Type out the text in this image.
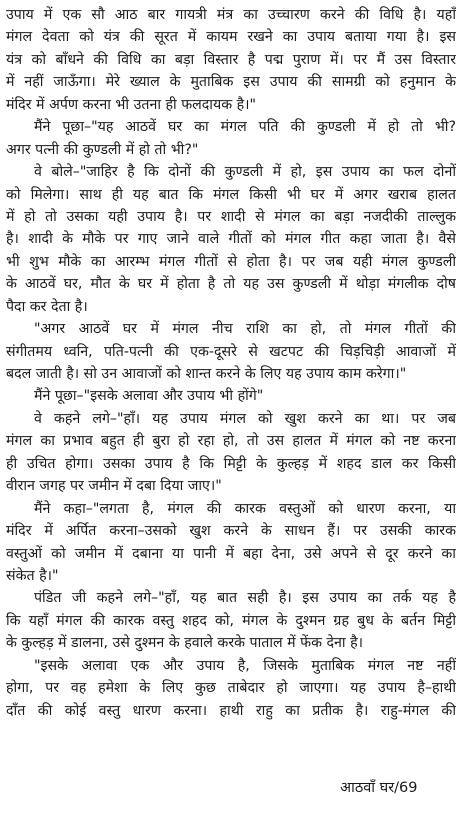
उपाय में एक सौ आठ बार गायत्री मंत्र का उच्चारण करने की विधि है। यहाँ
मंगल देवता को यंत्र की सूरत में कायम रखने का उपाय बताया गया है। इस
यंत्र को बाँधने की विधि का बड़ा विस्तार है पद्म पुराण में। पर मैं उस विस्तार
में नहीं जाऊँगा। मेरे ख्याल के मुताबिक इस उपाय की सामग्री को हनुमान के
मंदिर में अर्पण करना भी उतना ही फलदायक है।"
मैंने पूछा–"यह आठवें घर का मंगल पति की कुण्डली में हो तो भी?
अगर पत्नी की कुण्डली में हो तो भी?"
वे बोले–"जाहिर है कि दोनों की कुण्डली में हो, इस उपाय का फल दोनों
को मिलेगा। साथ ही यह बात कि मंगल किसी भी घर में अगर खराब हालत
में हो तो उसका यही उपाय है। पर शादी से मंगल का बड़ा नजदीकी ताल्लुक
है। शादी के मौके पर गाए जाने वाले गीतों को मंगल गीत कहा जाता है। वैसे
भी शुभ मौके का आरम्भ मंगल गीतों से होता है। पर जब यही मंगल कुण्डली
के आठवें घर, मौत के घर में होता है तो यह उस कुण्डली में थोड़ा मंगलीक दोष
पैदा कर देता है।
"अगर आठवें घर में मंगल नीच राशि का हो, तो मंगल गीतों की
संगीतमय ध्वनि, पति-पत्नी की एक-दूसरे से खटपट की चिड़चिड़ी आवाजों में
बदल जाती है। सो उन आवाजों को शान्त करने के लिए यह उपाय काम करेगा।"
मैंने पूछा–"इसके अलावा और उपाय भी होंगे"
वे कहने लगे–"हाँ। यह उपाय मंगल को खुश करने का था। पर जब
मंगल का प्रभाव बहुत ही बुरा हो रहा हो, तो उस हालत में मंगल को नष्ट करना
ही उचित होगा। उसका उपाय है कि मिट्टी के कुल्हड़ में शहद डाल कर किसी
वीरान जगह पर जमीन में दबा दिया जाए।"
मैंने कहा–"लगता है, मंगल की कारक वस्तुओं को धारण करना, या
मंदिर में अर्पित करना–उसको खुश करने के साधन हैं। पर उसकी कारक
वस्तुओं को जमीन में दबाना या पानी में बहा देना, उसे अपने से दूर करने का
संकेत है।"
पंडित जी कहने लगे–"हाँ, यह बात सही है। इस उपाय का तर्क यह है
कि यहाँ मंगल की कारक वस्तु शहद को, मंगल के दुश्मन ग्रह बुध के बर्तन मिट्टी
के कुल्हड़ में डालना, उसे दुश्मन के हवाले करके पाताल में फेंक देना है।
"इसके अलावा एक और उपाय है, जिसके मुताबिक मंगल नष्ट नहीं
होगा, पर वह हमेशा के लिए कुछ ताबेदार हो जाएगा। यह उपाय है–हाथी
दाँत की कोई वस्तु धारण करना। हाथी राहु का प्रतीक है। राहु-मंगल की
आठवाँ घर/69
